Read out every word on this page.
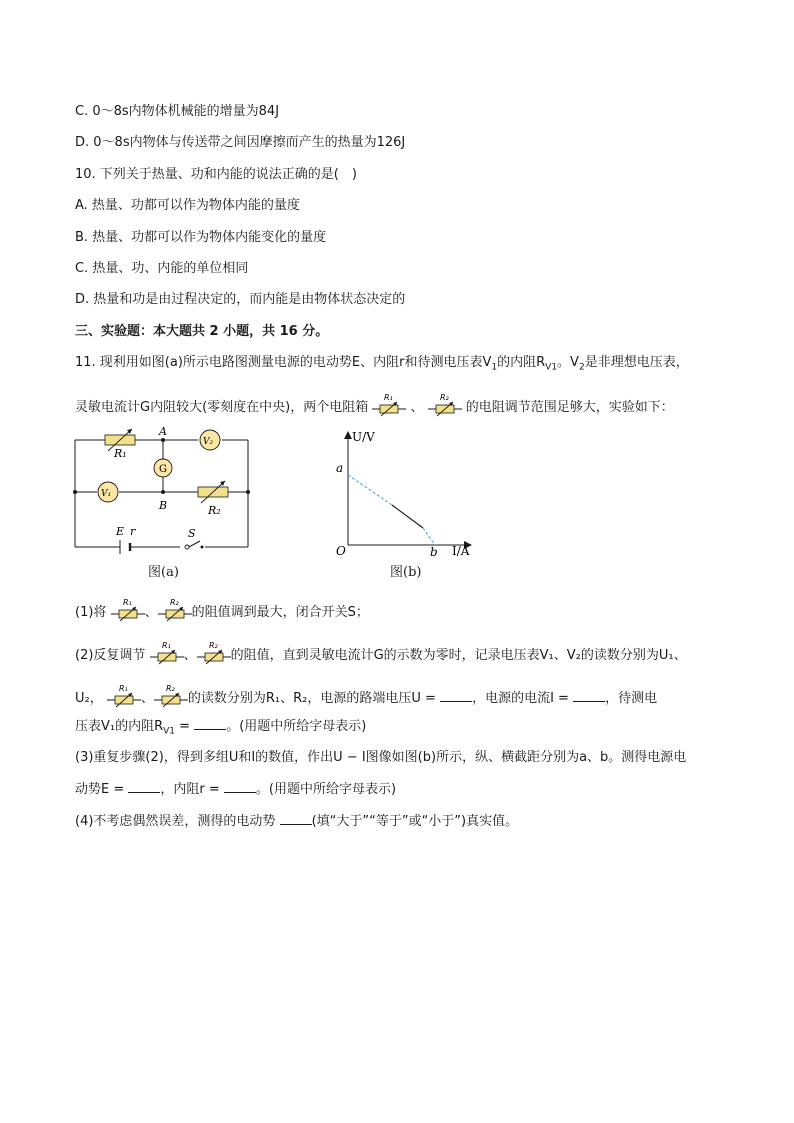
C. 0～8s内物体机械能的增量为84J
D. 0～8s内物体与传送带之间因摩擦而产生的热量为126J
10. 下列关于热量、功和内能的说法正确的是(　)
A. 热量、功都可以作为物体内能的量度
B. 热量、功都可以作为物体内能变化的量度
C. 热量、功、内能的单位相同
D. 热量和功是由过程决定的，而内能是由物体状态决定的
三、实验题：本大题共 2 小题，共 16 分。
11. 现利用如图(a)所示电路图测量电源的电动势E、内阻r和待测电压表$V_1$的内阻$R_{V1}$。$V_2$是非理想电压表，
灵敏电流计G内阻较大(零刻度在中央)，两个电阻箱
R₁
、
R₂
的电阻调节范围足够大，实验如下：
R₁
A
G
V₂
V₁
B	R₂
E r	S
图(a)
U/V
I/A
a
b
O
图(b)
(1)将
R₁
、
R₂
的阻值调到最大，闭合开关S；
(2)反复调节
R₁
、
R₂
的阻值，直到灵敏电流计G的示数为零时，记录电压表V₁、V₂的读数分别为U₁、
U₂，
R₁
、
R₂
的读数分别为R₁、R₂，电源的路端电压U =	，电源的电流I =	，待测电
压表V₁的内阻$R_{V1}$ =	。(用题中所给字母表示)
(3)重复步骤(2)，得到多组U和I的数值，作出U − I图像如图(b)所示，纵、横截距分别为a、b。测得电源电
动势E =	，内阻r =	。(用题中所给字母表示)
(4)不考虑偶然误差，测得的电动势	(填“大于”“等于”或“小于”)真实值。
